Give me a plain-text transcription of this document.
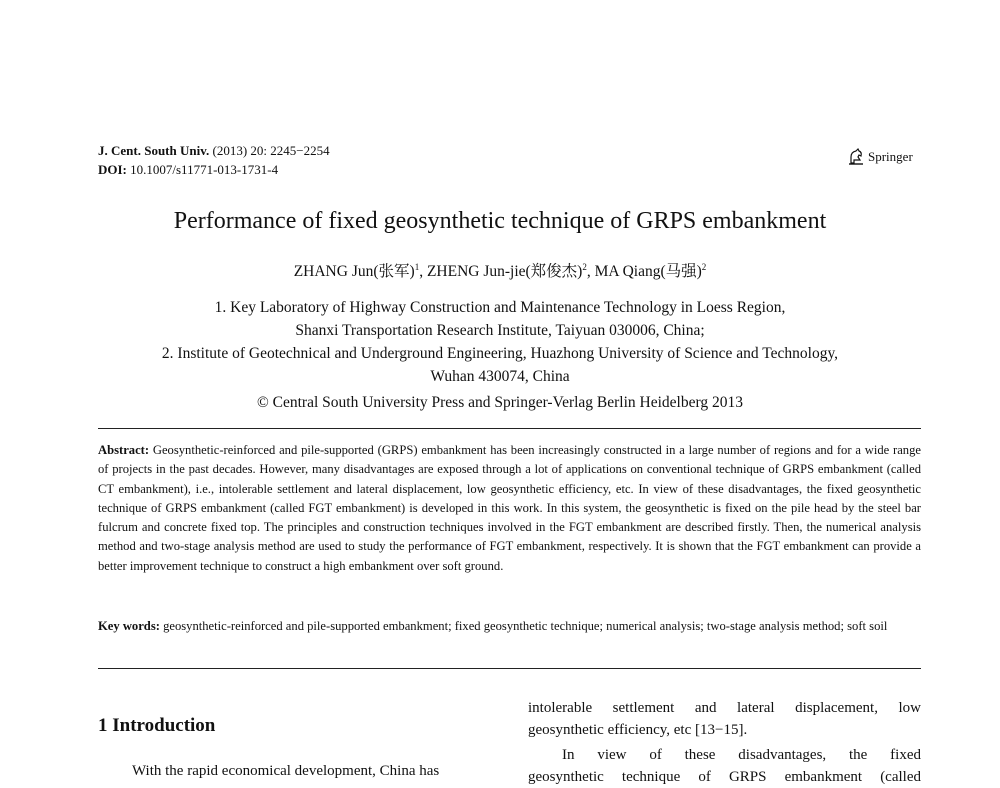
J. Cent. South Univ. (2013) 20: 2245−2254
DOI: 10.1007/s11771-013-1731-4
Springer
Performance of fixed geosynthetic technique of GRPS embankment
ZHANG Jun(张军)$^1$, ZHENG Jun-jie(郑俊杰)$^2$, MA Qiang(马强)$^2$
1. Key Laboratory of Highway Construction and Maintenance Technology in Loess Region,
Shanxi Transportation Research Institute, Taiyuan 030006, China;
2. Institute of Geotechnical and Underground Engineering, Huazhong University of Science and Technology,
Wuhan 430074, China
© Central South University Press and Springer-Verlag Berlin Heidelberg 2013
Abstract: Geosynthetic-reinforced and pile-supported (GRPS) embankment has been increasingly constructed in a large number of regions and for a wide range of projects in the past decades. However, many disadvantages are exposed through a lot of applications on conventional technique of GRPS embankment (called CT embankment), i.e., intolerable settlement and lateral displacement, low geosynthetic efficiency, etc. In view of these disadvantages, the fixed geosynthetic technique of GRPS embankment (called FGT embankment) is developed in this work. In this system, the geosynthetic is fixed on the pile head by the steel bar fulcrum and concrete fixed top. The principles and construction techniques involved in the FGT embankment are described firstly. Then, the numerical analysis method and two-stage analysis method are used to study the performance of FGT embankment, respectively. It is shown that the FGT embankment can provide a better improvement technique to construct a high embankment over soft ground.
Key words: geosynthetic-reinforced and pile-supported embankment; fixed geosynthetic technique; numerical analysis; two-stage analysis method; soft soil
1 Introduction
With the rapid economical development, China has
intolerable settlement and lateral displacement, low
geosynthetic efficiency, etc [13−15].
In view of these disadvantages, the fixed
geosynthetic technique of GRPS embankment (called
